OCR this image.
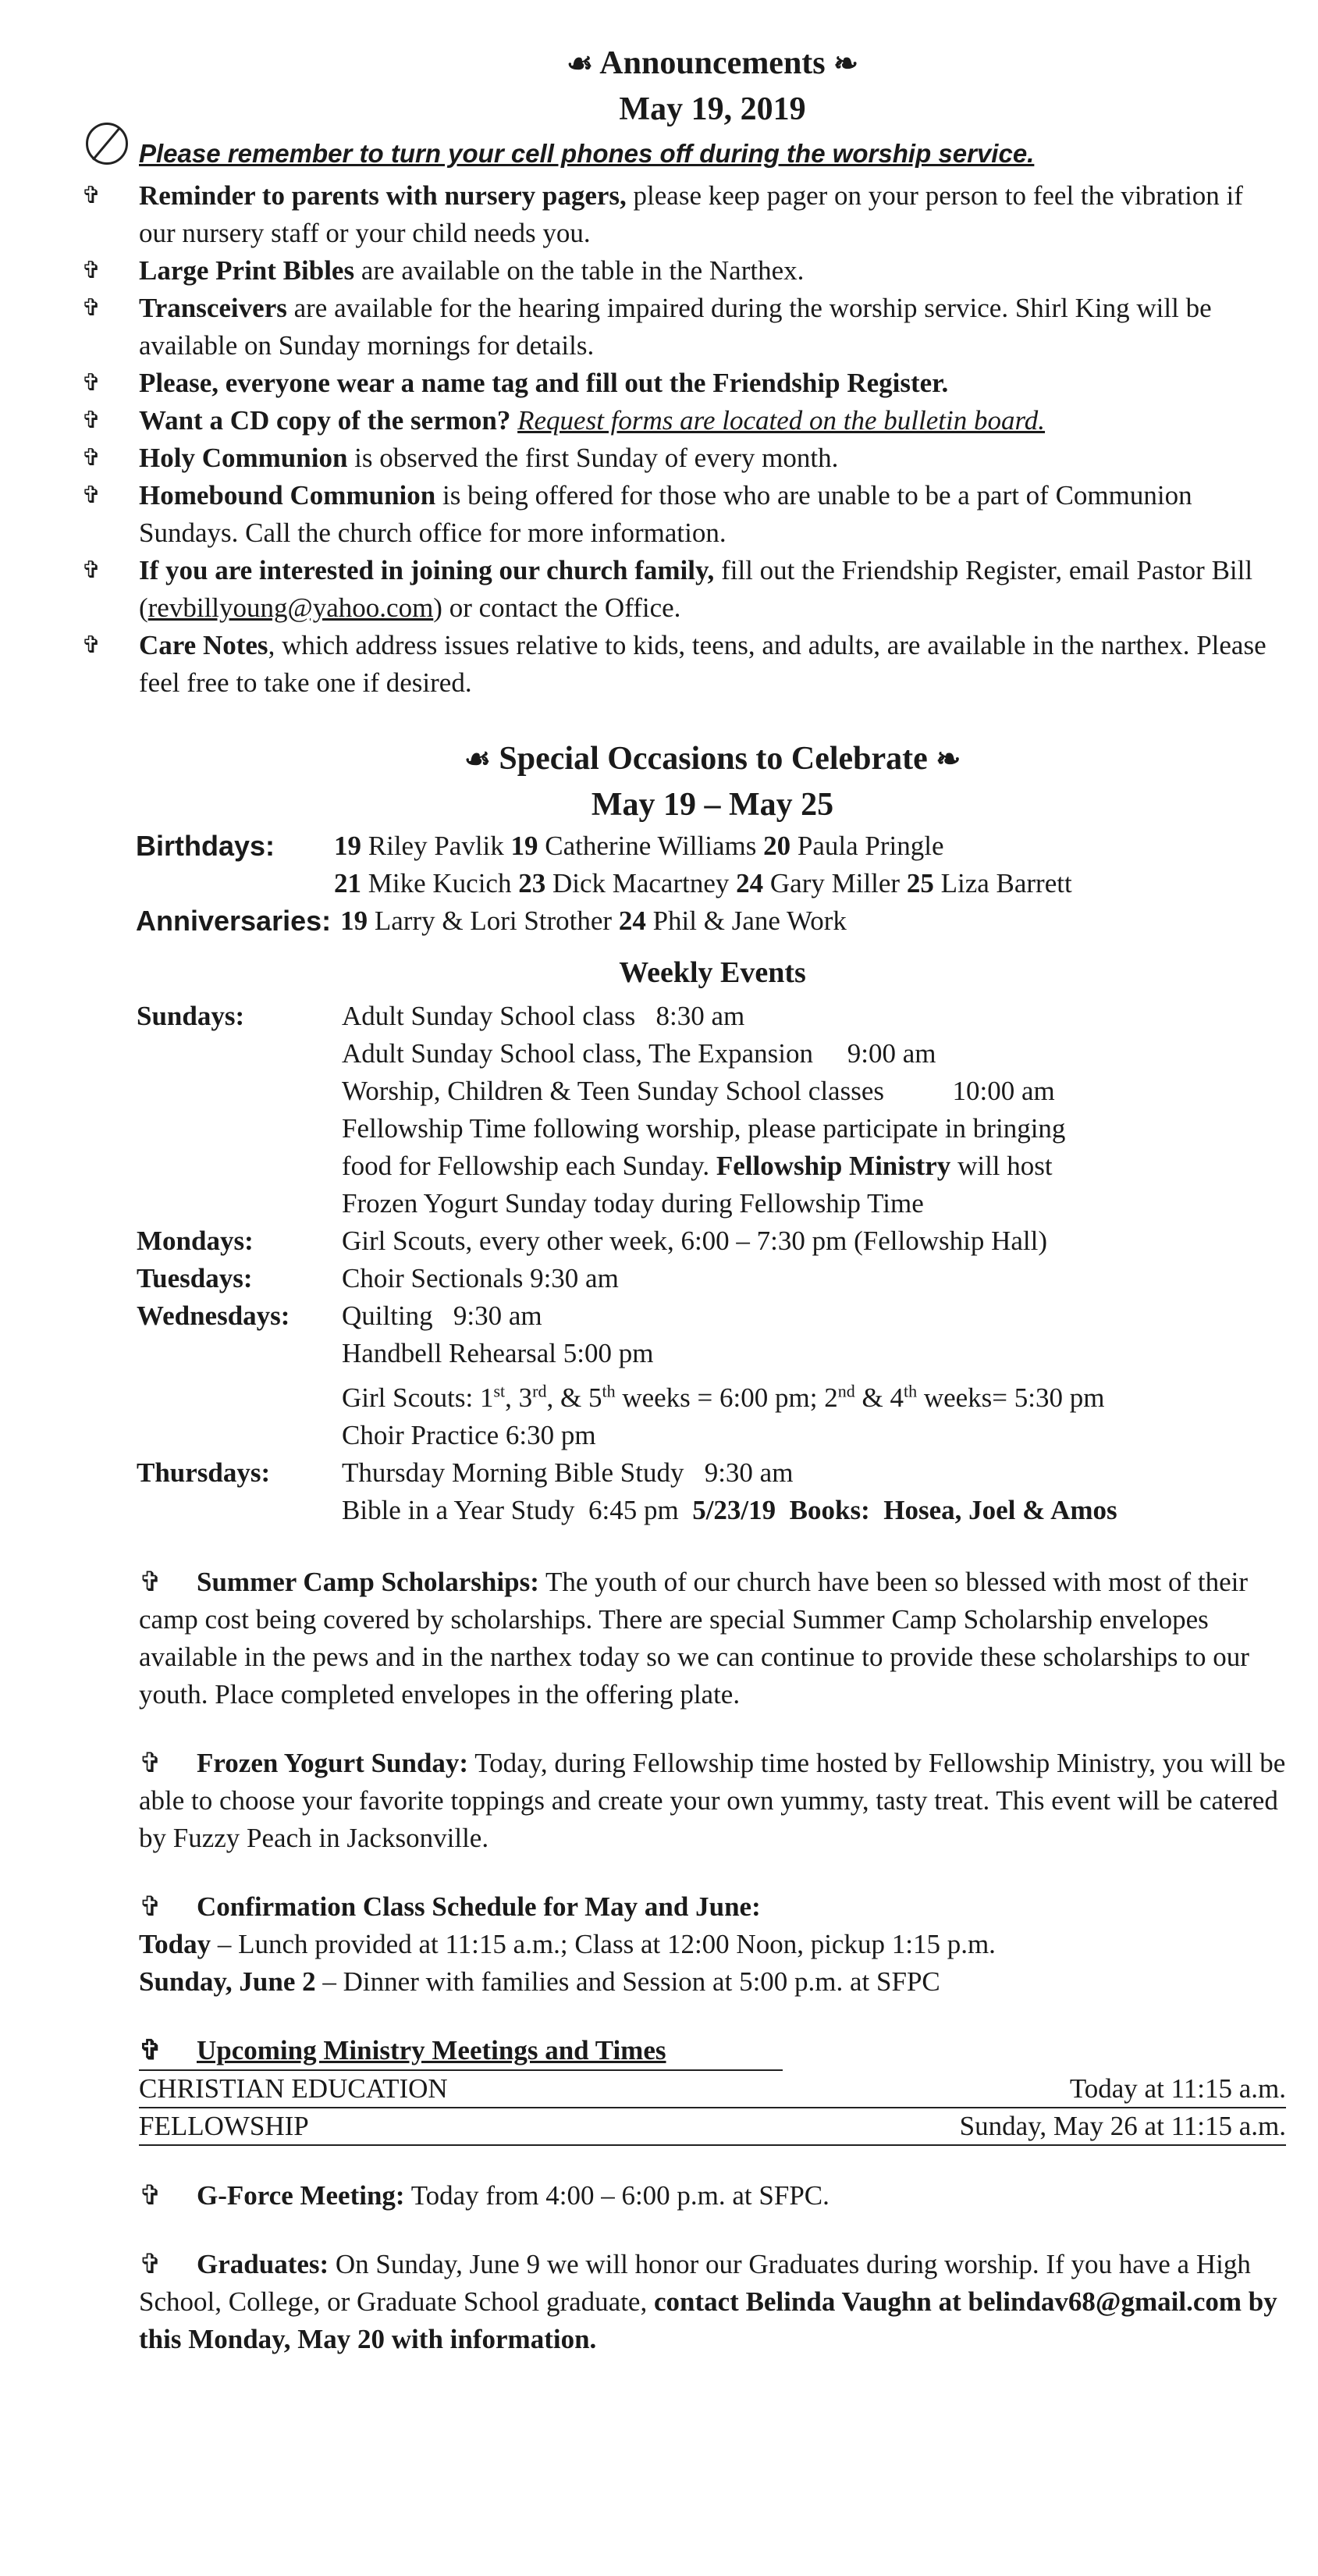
☙ Announcements ❧
May 19, 2019
Please remember to turn your cell phones off during the worship service.
✞ Reminder to parents with nursery pagers, please keep pager on your person to feel the vibration if our nursery staff or your child needs you.
✞ Large Print Bibles are available on the table in the Narthex.
✞ Transceivers are available for the hearing impaired during the worship service. Shirl King will be available on Sunday mornings for details.
✞ Please, everyone wear a name tag and fill out the Friendship Register.
✞ Want a CD copy of the sermon? Request forms are located on the bulletin board.
✞ Holy Communion is observed the first Sunday of every month.
✞ Homebound Communion is being offered for those who are unable to be a part of Communion Sundays. Call the church office for more information.
✞ If you are interested in joining our church family, fill out the Friendship Register, email Pastor Bill (revbillyoung@yahoo.com) or contact the Office.
✞ Care Notes, which address issues relative to kids, teens, and adults, are available in the narthex. Please feel free to take one if desired.
☙ Special Occasions to Celebrate ❧
May 19 – May 25
Birthdays:	19 Riley Pavlik 19 Catherine Williams 20 Paula Pringle
21 Mike Kucich 23 Dick Macartney 24 Gary Miller 25 Liza Barrett
Anniversaries: 19 Larry & Lori Strother 24 Phil & Jane Work
Weekly Events
Sundays:	Adult Sunday School class   8:30 am
Adult Sunday School class, The Expansion     9:00 am
Worship, Children & Teen Sunday School classes          10:00 am
Fellowship Time following worship, please participate in bringing
food for Fellowship each Sunday. Fellowship Ministry will host
Frozen Yogurt Sunday today during Fellowship Time
Mondays:	Girl Scouts, every other week, 6:00 – 7:30 pm (Fellowship Hall)
Tuesdays:	Choir Sectionals 9:30 am
Wednesdays:	Quilting   9:30 am
Handbell Rehearsal 5:00 pm
Girl Scouts: 1st, 3rd, & 5th weeks = 6:00 pm; 2nd & 4th weeks= 5:30 pm
Choir Practice 6:30 pm
Thursdays:	Thursday Morning Bible Study   9:30 am
Bible in a Year Study  6:45 pm  5/23/19  Books:  Hosea, Joel & Amos
✞ Summer Camp Scholarships: The youth of our church have been so blessed with most of their camp cost being covered by scholarships. There are special Summer Camp Scholarship envelopes available in the pews and in the narthex today so we can continue to provide these scholarships to our youth. Place completed envelopes in the offering plate.
✞ Frozen Yogurt Sunday: Today, during Fellowship time hosted by Fellowship Ministry, you will be able to choose your favorite toppings and create your own yummy, tasty treat. This event will be catered by Fuzzy Peach in Jacksonville.
✞ Confirmation Class Schedule for May and June:
Today – Lunch provided at 11:15 a.m.; Class at 12:00 Noon, pickup 1:15 p.m.
Sunday, June 2 – Dinner with families and Session at 5:00 p.m. at SFPC
✞ Upcoming Ministry Meetings and Times
CHRISTIAN EDUCATION	Today at 11:15 a.m.
FELLOWSHIP	Sunday, May 26 at 11:15 a.m.
✞ G-Force Meeting: Today from 4:00 – 6:00 p.m. at SFPC.
✞ Graduates: On Sunday, June 9 we will honor our Graduates during worship. If you have a High School, College, or Graduate School graduate, contact Belinda Vaughn at belindav68@gmail.com by this Monday, May 20 with information.
